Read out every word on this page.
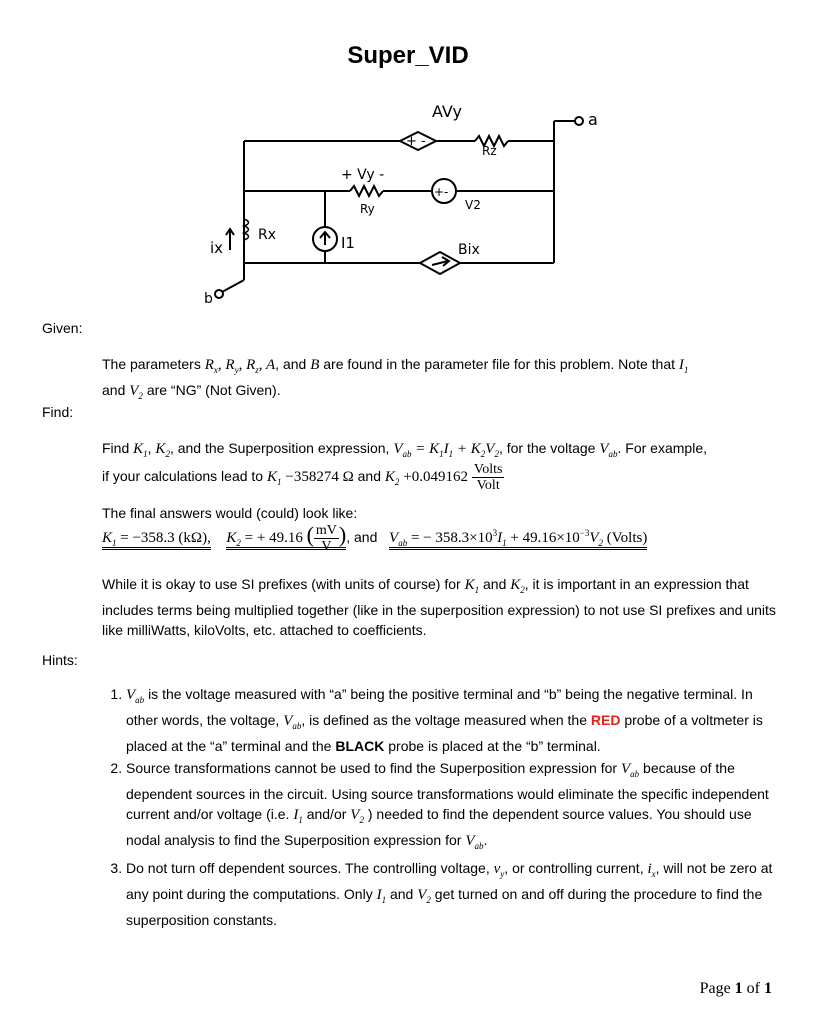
Super_VID
AVy
Rz
a
+ Vy -
Ry	V2
ix
Rx	I1	Bix
b
+ -
+-
Given:
The parameters $R_x$, $R_y$, $R_z$, A, and B are found in the parameter file for this problem. Note that $I_1$
and $V_2$ are “NG” (Not Given).
Find:
Find $K_1$, $K_2$, and the Superposition expression, $V_{ab} = K_1I_1 + K_2V_2$, for the voltage $V_{ab}$. For example,
if your calculations lead to $K_1 -358274$ Ω and $K_2 +0.049162 \frac{\text{Volts}}{\text{Volt}}$
The final answers would (could) look like:
$K_1 = -358.3$ (kΩ), $K_2$ = + 49.16 ( $\frac{mV}{V}$ ), and $V_{ab}$ = − $358.3\times 10^3I_1 + 49.16\times 10^{-3}V_2$ (Volts)
While it is okay to use SI prefixes (with units of course) for $K_1$ and $K_2$, it is important in an expression that includes terms being multiplied together (like in the superposition expression) to not use SI prefixes and units like milliWatts, kiloVolts, etc. attached to coefficients.
Hints:
1. $V_{ab}$ is the voltage measured with “a” being the positive terminal and “b” being the negative terminal. In other words, the voltage, $V_{ab}$, is defined as the voltage measured when the RED probe of a voltmeter is placed at the “a” terminal and the BLACK probe is placed at the “b” terminal.
2. Source transformations cannot be used to find the Superposition expression for $V_{ab}$ because of the dependent sources in the circuit. Using source transformations would eliminate the specific independent current and/or voltage (i.e. $I_1$ and/or $V_2$ ) needed to find the dependent source values. You should use nodal analysis to find the Superposition expression for $V_{ab}$.
3. Do not turn off dependent sources. The controlling voltage, $v_y$, or controlling current, $i_x$, will not be zero at any point during the computations. Only $I_1$ and $V_2$ get turned on and off during the procedure to find the superposition constants.
Page 1 of 1
